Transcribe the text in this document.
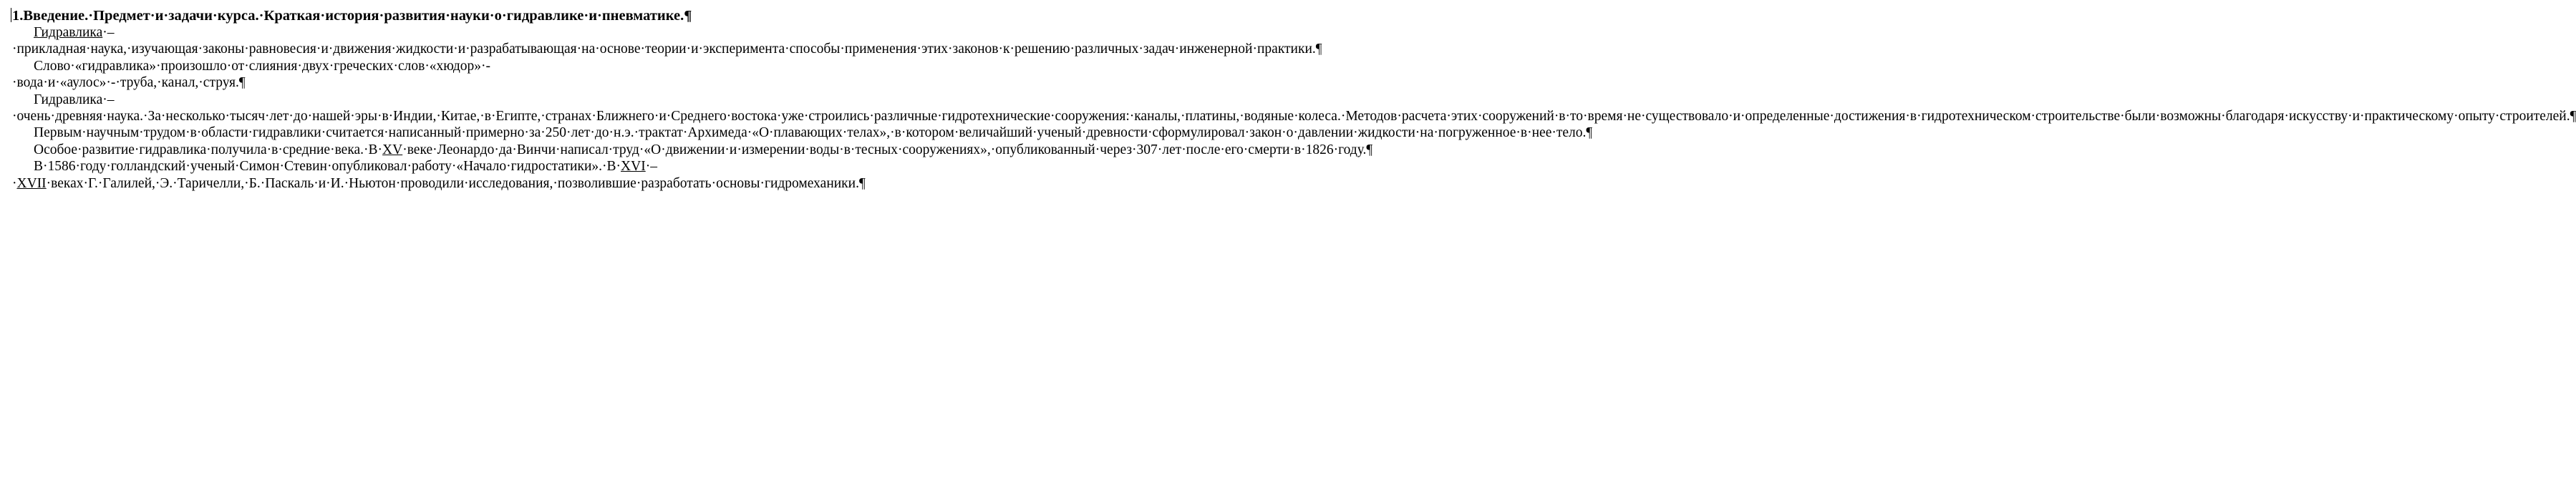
1.Введение.·Предмет·и·задачи·курса.·Краткая·история·развития·науки·о·гидравлике·и·пневматике.¶

Гидравлика·–·прикладная·наука,·изучающая·законы·равновесия·и·движения·жидкости·и·разрабатывающая·на·основе·теории·и·эксперимента·способы·применения·этих·законов·к·решению·различных·задач·инженерной·практики.¶

Слово·«гидравлика»·произошло·от·слияния·двух·греческих·слов·«хюдор»·-·вода·и·«аулос»·-·труба,·канал,·струя.¶

Гидравлика·–·очень·древняя·наука.·За·несколько·тысяч·лет·до·нашей·эры·в·Индии,·Китае,·в·Египте,·странах·Ближнего·и·Среднего·востока·уже·строились·различные·гидротехнические·сооружения:·каналы,·платины,·водяные·колеса.·Методов·расчета·этих·сооружений·в·то·время·не·существовало·и·определенные·достижения·в·гидротехническом·строительстве·были·возможны·благодаря·искусству·и·практическому·опыту·строителей.¶

Первым·научным·трудом·в·области·гидравлики·считается·написанный·примерно·за·250·лет·до·н.э.·трактат·Архимеда·«О·плавающих·телах»,·в·котором·величайший·ученый·древности·сформулировал·закон·о·давлении·жидкости·на·погруженное·в·нее·тело.¶

Особое·развитие·гидравлика·получила·в·средние·века.·В·XV·веке·Леонардо·да·Винчи·написал·труд·«О·движении·и·измерении·воды·в·тесных·сооружениях»,·опубликованный·через·307·лет·после·его·смерти·в·1826·году.¶

В·1586·году·голландский·ученый·Симон·Стевин·опубликовал·работу·«Начало·гидростатики».·В·XVI·–·XVII·веках·Г.·Галилей,·Э.·Таричелли,·Б.·Паскаль·и·И.·Ньютон·проводили·исследования,·позволившие·разработать·основы·гидромеханики.¶
